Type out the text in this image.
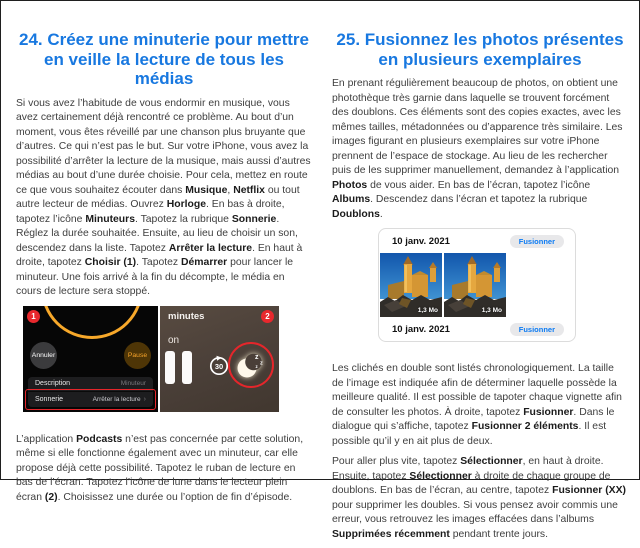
24. Créez une minuterie pour mettre
en veille la lecture de tous les
médias

Si vous avez l’habitude de vous endormir en musique, vous avez certainement déjà rencontré ce problème. Au bout d’un moment, vous êtes réveillé par une chanson plus bruyante que d’autres. Ce qui n’est pas le but. Sur votre iPhone, vous avez la possibilité d’arrêter la lecture de la musique, mais aussi d’autres médias au bout d’une durée choisie. Pour cela, mettez en route ce que vous souhaitez écouter dans Musique, Netflix ou tout autre lecteur de médias. Ouvrez Horloge. En bas à droite, tapotez l’icône Minuteurs. Tapotez la rubrique Sonnerie. Réglez la durée souhaitée. Ensuite, au lieu de choisir un son, descendez dans la liste. Tapotez Arrêter la lecture. En haut à droite, tapotez Choisir (1). Tapotez Démarrer pour lancer le minuteur. Une fois arrivé à la fin du décompte, le média en cours de lecture sera stoppé.

1
Annuler	Pause
Description	Minuteur
Sonnerie	Arrêter la lecture ›
2
minutes
on
30
z
z
z

L’application Podcasts n’est pas concernée par cette solution, même si elle fonctionne également avec un minuteur, car elle propose déjà cette possibilité. Tapotez le ruban de lecture en bas de l’écran. Tapotez l’icône de lune dans le lecteur plein écran (2). Choisissez une durée ou l’option de fin d’épisode.

25. Fusionnez les photos présentes
en plusieurs exemplaires

En prenant régulièrement beaucoup de photos, on obtient une photothèque très garnie dans laquelle se trouvent forcément des doublons. Ces éléments sont des copies exactes, avec les mêmes tailles, métadonnées ou d’apparence très similaire. Les images figurant en plusieurs exemplaires sur votre iPhone prennent de l’espace de stockage. Au lieu de les rechercher puis de les supprimer manuellement, demandez à l’application Photos de vous aider. En bas de l’écran, tapotez l’icône Albums. Descendez dans l’écran et tapotez la rubrique Doublons.

10 janv. 2021	Fusionner
1,3 Mo	1,3 Mo
10 janv. 2021	Fusionner

Les clichés en double sont listés chronologiquement. La taille de l’image est indiquée afin de déterminer laquelle possède la meilleure qualité. Il est possible de tapoter chaque vignette afin de consulter les photos. À droite, tapotez Fusionner. Dans le dialogue qui s’affiche, tapotez Fusionner 2 éléments. Il est possible qu’il y en ait plus de deux.

Pour aller plus vite, tapotez Sélectionner, en haut à droite. Ensuite, tapotez Sélectionner à droite de chaque groupe de doublons. En bas de l’écran, au centre, tapotez Fusionner (XX) pour supprimer les doubles. Si vous pensez avoir commis une erreur, vous retrouvez les images effacées dans l’albums Supprimées récemment pendant trente jours.
